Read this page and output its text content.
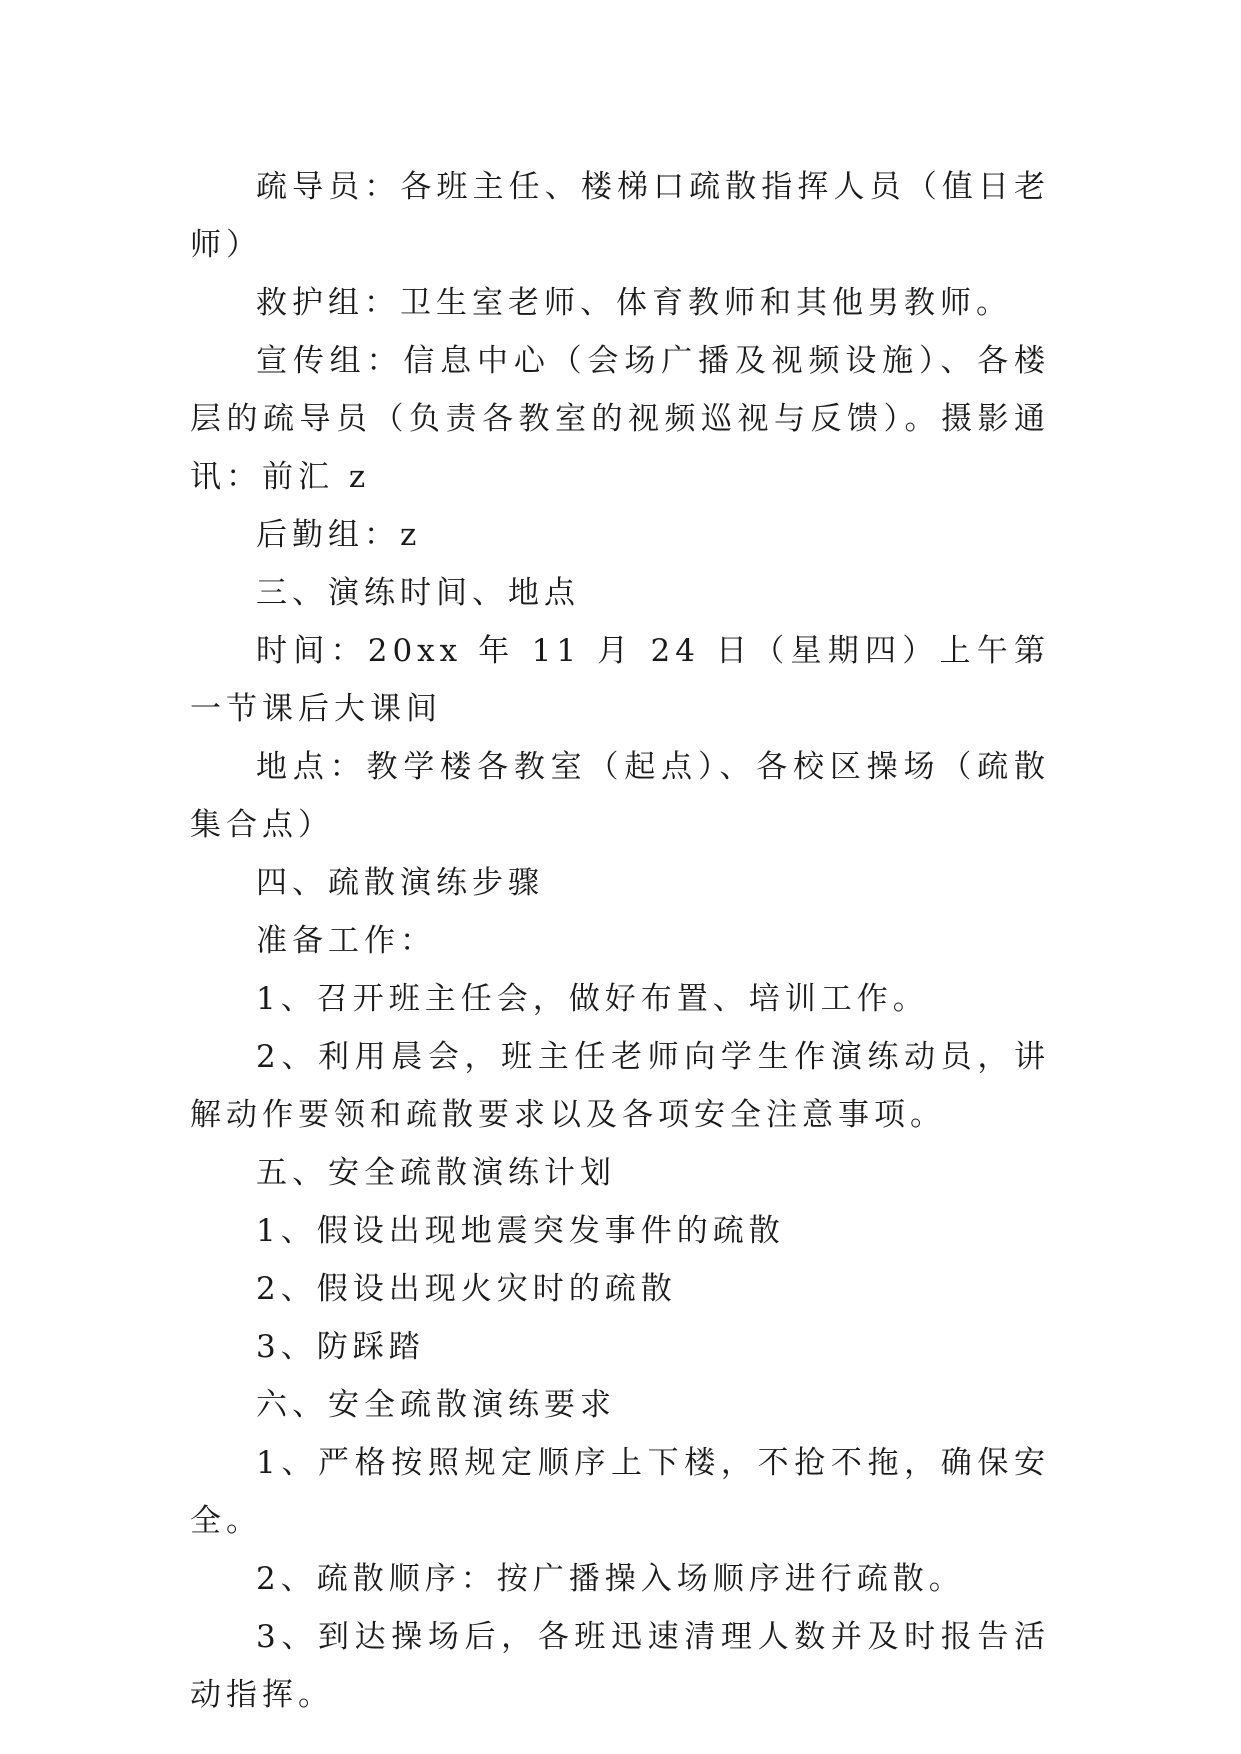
疏导员：各班主任、楼梯口疏散指挥人员（值日老师）

救护组：卫生室老师、体育教师和其他男教师。

宣传组：信息中心（会场广播及视频设施）、各楼层的疏导员（负责各教室的视频巡视与反馈）。摄影通讯：前汇 z

后勤组：z

三、演练时间、地点

时间：20xx 年 11 月 24 日（星期四）上午第一节课后大课间

地点：教学楼各教室（起点）、各校区操场（疏散集合点）

四、疏散演练步骤

准备工作：

1、召开班主任会，做好布置、培训工作。

2、利用晨会，班主任老师向学生作演练动员，讲解动作要领和疏散要求以及各项安全注意事项。

五、安全疏散演练计划

1、假设出现地震突发事件的疏散

2、假设出现火灾时的疏散

3、防踩踏

六、安全疏散演练要求

1、严格按照规定顺序上下楼，不抢不拖，确保安全。

2、疏散顺序：按广播操入场顺序进行疏散。

3、到达操场后，各班迅速清理人数并及时报告活动指挥。
